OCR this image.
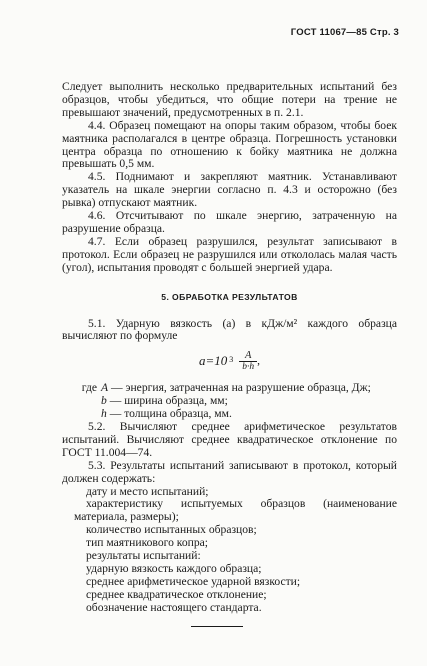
ГОСТ 11067—85 Стр. 3

Следует выполнить несколько предварительных испытаний без образцов, чтобы убедиться, что общие потери на трение не превышают значений, предусмотренных в п. 2.1.

4.4. Образец помещают на опоры таким образом, чтобы боек маятника располагался в центре образца. Погрешность установки центра образца по отношению к бойку маятника не должна превышать 0,5 мм.

4.5. Поднимают и закрепляют маятник. Устанавливают указатель на шкале энергии согласно п. 4.3 и осторожно (без рывка) отпускают маятник.

4.6. Отсчитывают по шкале энергию, затраченную на разрушение образца.

4.7. Если образец разрушился, результат записывают в протокол. Если образец не разрушился или откололась малая часть (угол), испытания проводят с большей энергией удара.

5. ОБРАБОТКА РЕЗУЛЬТАТОВ

5.1. Ударную вязкость (a) в кДж/м² каждого образца вычисляют по формуле

a=10 $^3 \frac{A}{b\cdot h}$ ,
где A
— энергия, затраченная на разрушение образца, Дж;
b
— ширина образца, мм;
h
— толщина образца, мм.

5.2. Вычисляют среднее арифметическое результатов испытаний. Вычисляют среднее квадратическое отклонение по ГОСТ 11.004—74.

5.3. Результаты испытаний записывают в протокол, который должен содержать:

дату и место испытаний;

характеристику испытуемых образцов (наименование материала, размеры);

количество испытанных образцов;

тип маятникового копра;

результаты испытаний:

ударную вязкость каждого образца;

среднее арифметическое ударной вязкости;

среднее квадратическое отклонение;

обозначение настоящего стандарта.
